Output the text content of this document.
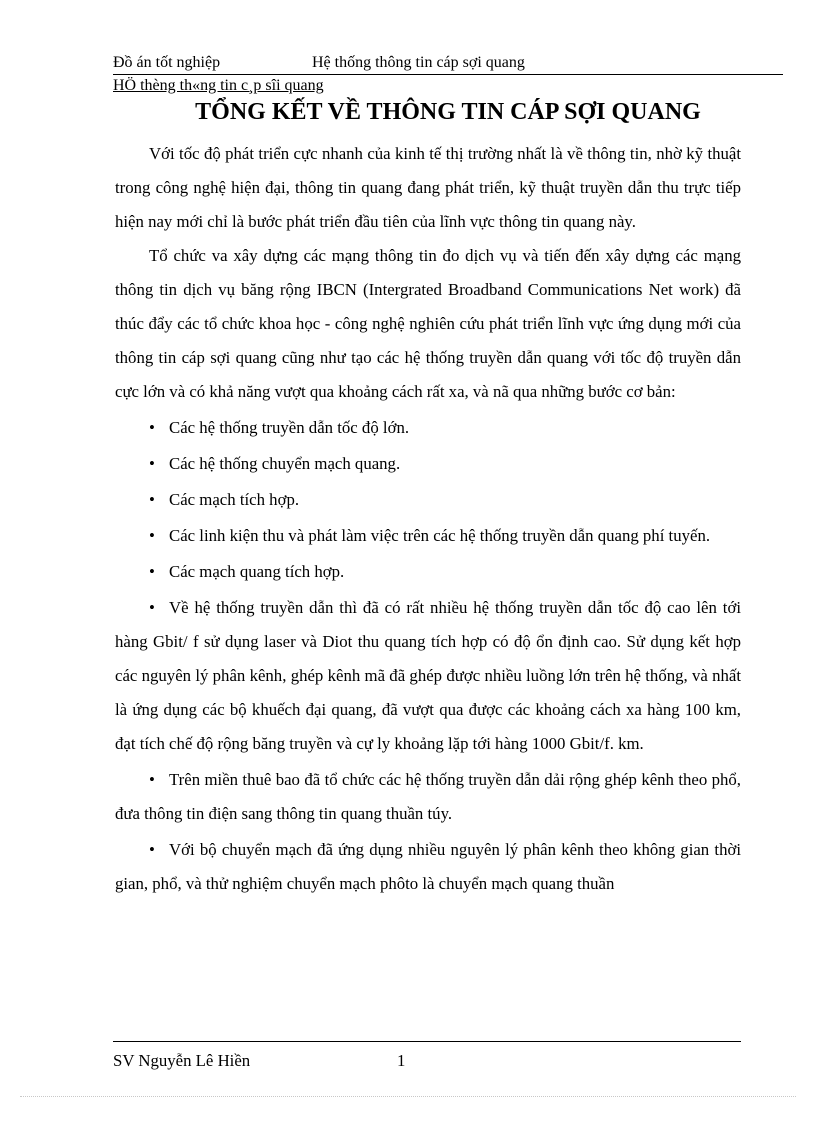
Đồ án tốt nghiệp	Hệ thống thông tin cáp sợi quang
HÖ thèng th«ng tin c¸p sîi quang
TỔNG KẾT VỀ THÔNG TIN CÁP SỢI QUANG

Với tốc độ phát triển cực nhanh của kinh tế thị trường nhất là về thông tin, nhờ kỹ thuật trong công nghệ hiện đại, thông tin quang đang phát triển, kỹ thuật truyền dẫn thu trực tiếp hiện nay mới chỉ là bước phát triển đầu tiên của lĩnh vực thông tin quang này.

Tổ chức va xây dựng các mạng thông tin đo dịch vụ và tiến đến xây dựng các mạng thông tin dịch vụ băng rộng IBCN (Intergrated Broadband Communications Net work) đã thúc đẩy các tổ chức khoa học - công nghệ nghiên cứu phát triển lĩnh vực ứng dụng mới của thông tin cáp sợi quang cũng như tạo các hệ thống truyền dẫn quang với tốc độ truyền dẫn cực lớn và có khả năng vượt qua khoảng cách rất xa, và nã qua những bước cơ bản:

• Các hệ thống truyền dẫn tốc độ lớn.

• Các hệ thống chuyển mạch quang.

• Các mạch tích hợp.

• Các linh kiện thu và phát làm việc trên các hệ thống truyền dẫn quang phí tuyến.

• Các mạch quang tích hợp.

• Về hệ thống truyền dẫn thì đã có rất nhiều hệ thống truyền dẫn tốc độ cao lên tới hàng Gbit/ f sử dụng laser và Diot thu quang tích hợp có độ ổn định cao. Sử dụng kết hợp các nguyên lý phân kênh, ghép kênh mã đã ghép được nhiều luồng lớn trên hệ thống, và nhất là ứng dụng các bộ khuếch đại quang, đã vượt qua được các khoảng cách xa hàng 100 km, đạt tích chế độ rộng băng truyền và cự ly khoảng lặp tới hàng 1000 Gbit/f. km.

• Trên miền thuê bao đã tổ chức các hệ thống truyền dẫn dải rộng ghép kênh theo phổ, đưa thông tin điện sang thông tin quang thuần túy.

• Với bộ chuyển mạch đã ứng dụng nhiều nguyên lý phân kênh theo không gian thời gian, phổ, và thử nghiệm chuyển mạch phôto là chuyển mạch quang thuần

SV Nguyễn Lê Hiền	1
